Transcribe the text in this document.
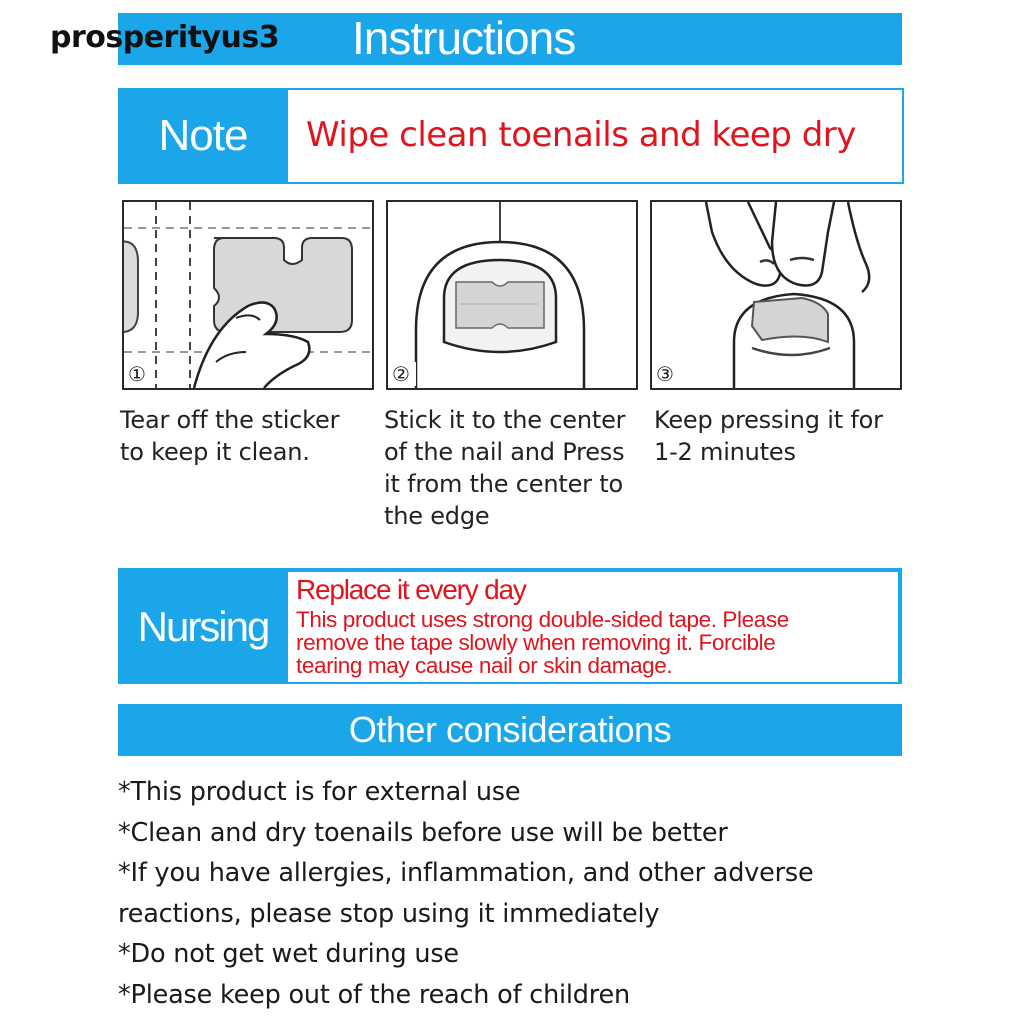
Instructions
prosperityus3
Note	Wipe clean toenails and keep dry
①
Tear off the sticker
to keep it clean.
②
Stick it to the center
of the nail and Press
it from the center to
the edge
③
Keep pressing it for
1-2 minutes
Nursing
Replace it every day
This product uses strong double-sided tape. Please
remove the tape slowly when removing it. Forcible
tearing may cause nail or skin damage.
Other considerations
*This product is for external use
*Clean and dry toenails before use will be better
*If you have allergies, inflammation, and other adverse
reactions, please stop using it immediately
*Do not get wet during use
*Please keep out of the reach of children
